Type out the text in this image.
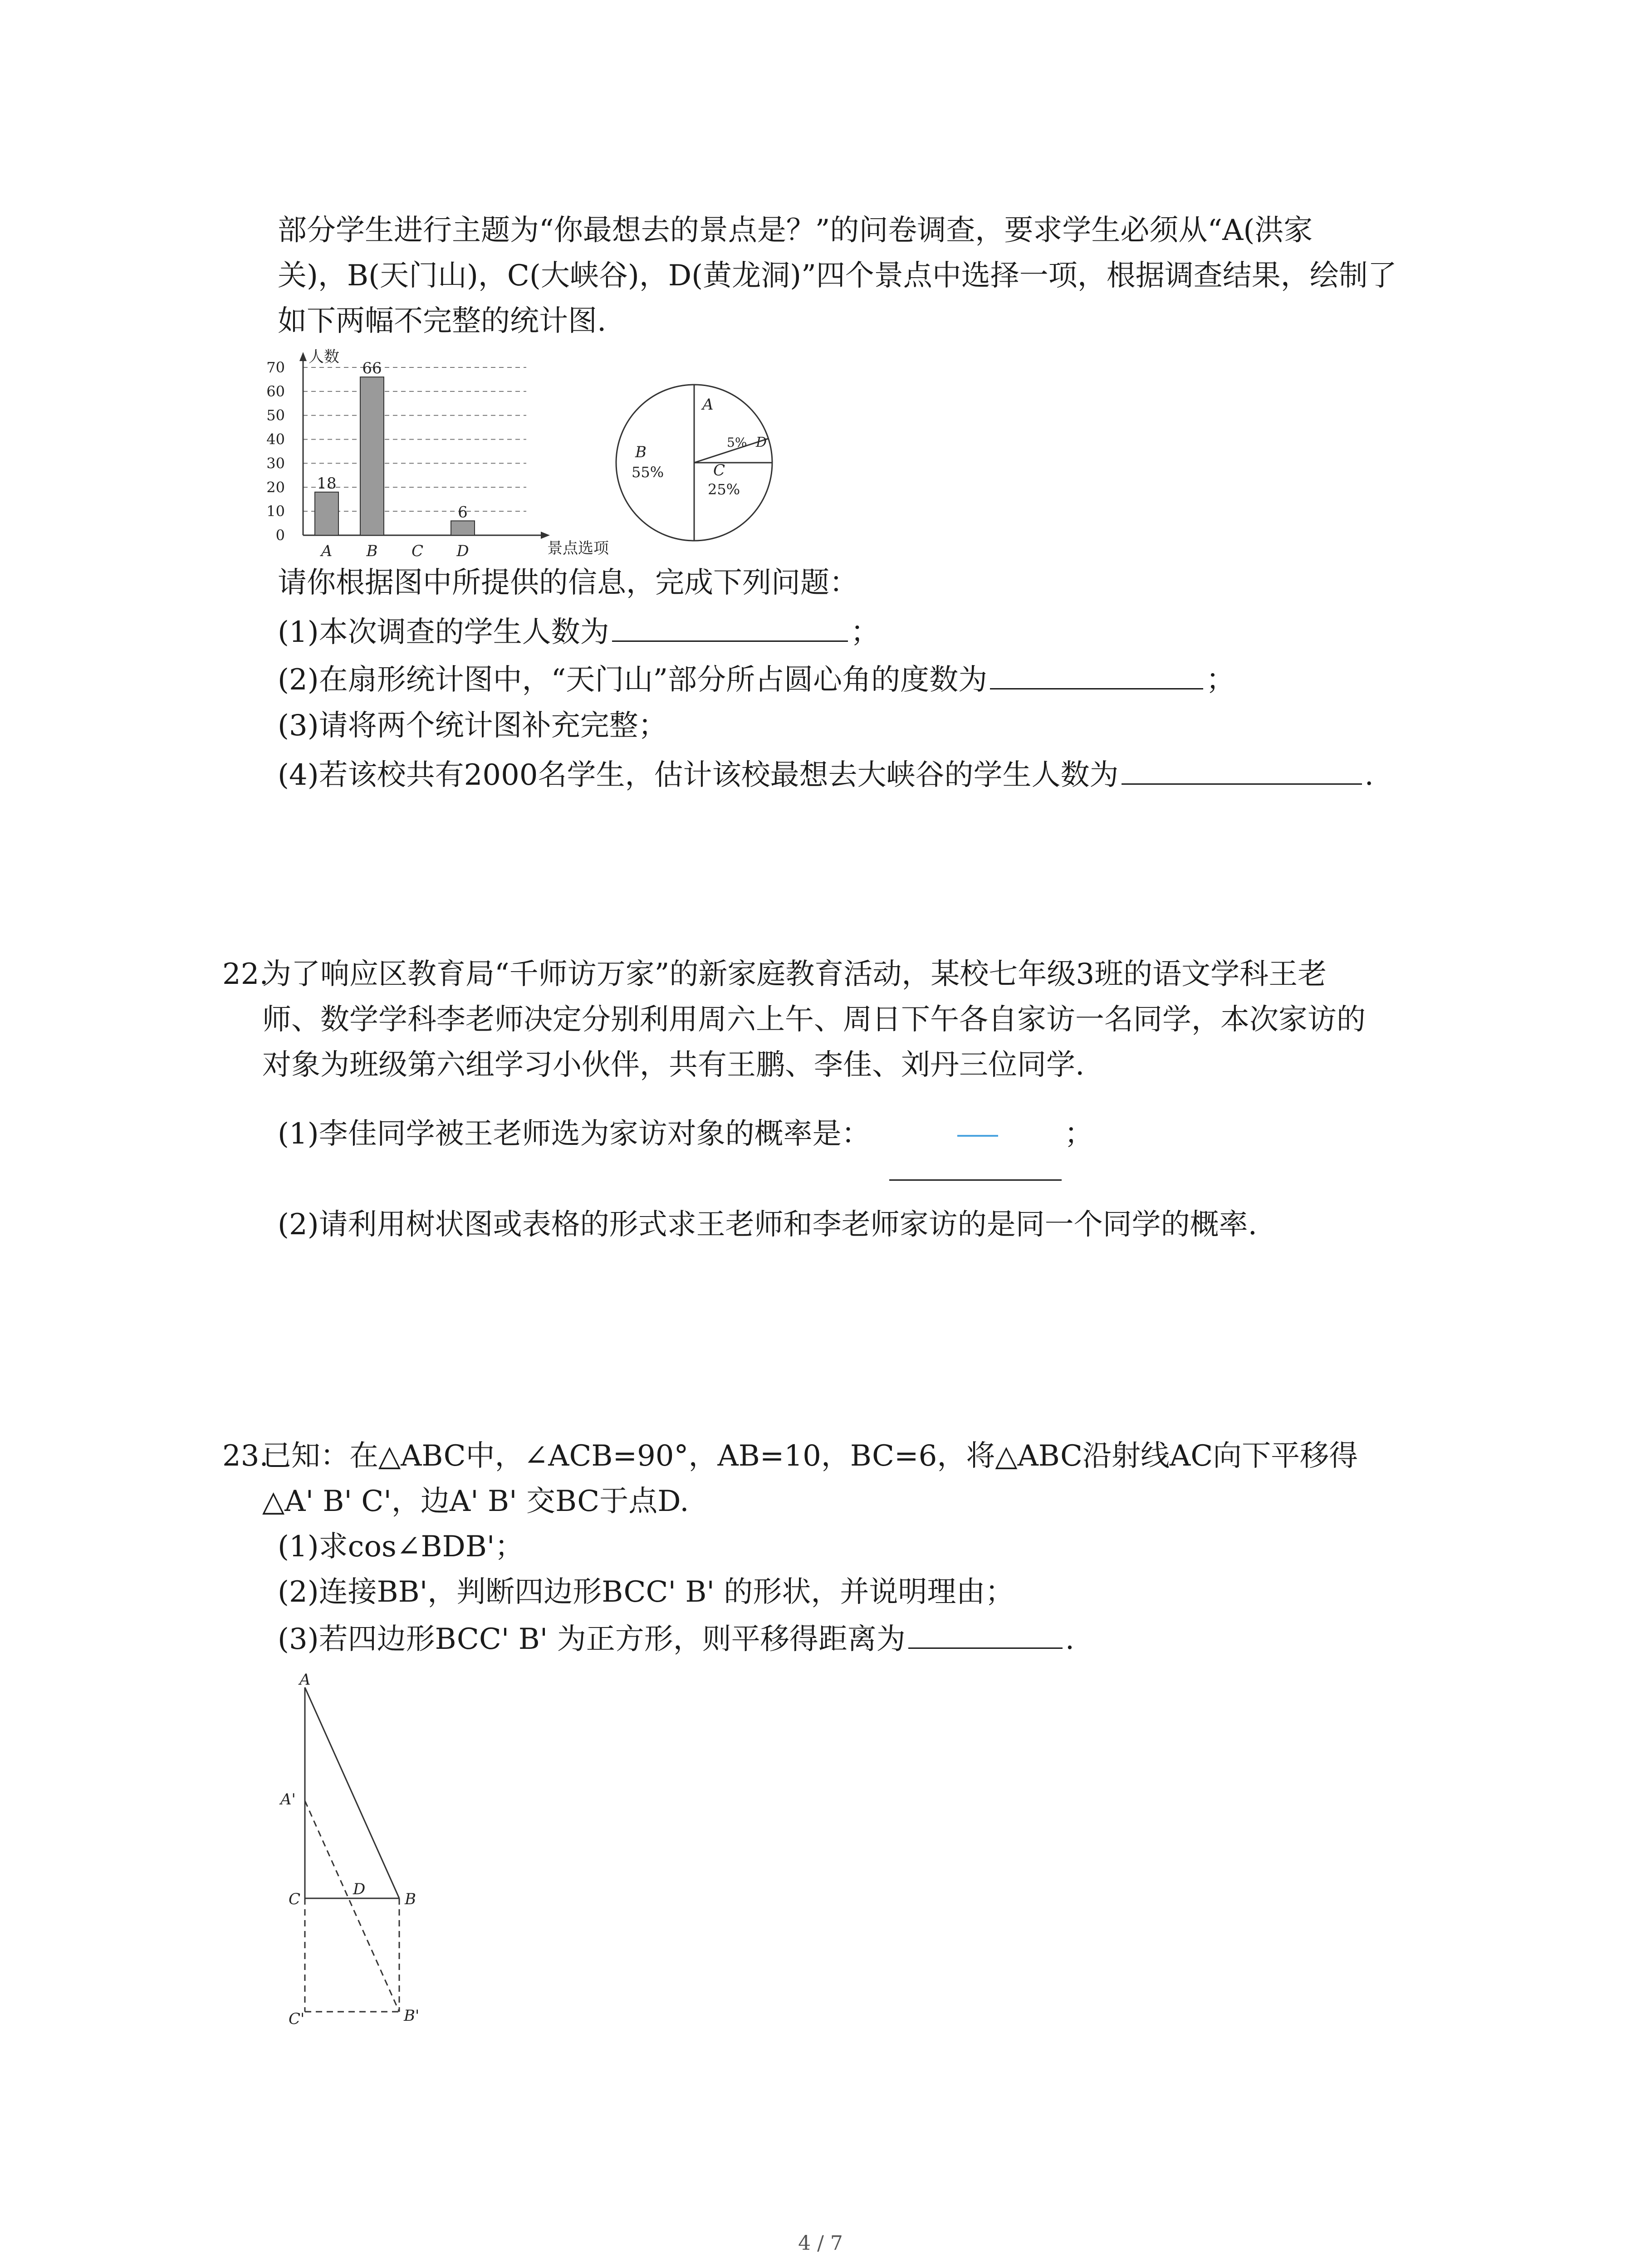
部分学生进行主题为“你最想去的景点是？”的问卷调查，要求学生必须从“A(洪家
关)，B(天门山)，C(大峡谷)，D(黄龙洞)”四个景点中选择一项，根据调查结果，绘制了
如下两幅不完整的统计图.
0
10
20
30
40
50
60
70
18
66
6
A B C D
人数
景点选项
A
B
55%	C
25%
5% D
请你根据图中所提供的信息，完成下列问题：
(1)本次调查的学生人数为	；
(2)在扇形统计图中，“天门山”部分所占圆心角的度数为	；
(3)请将两个统计图补充完整；
(4)若该校共有2000名学生，估计该校最想去大峡谷的学生人数为	.
22.为了响应区教育局“千师访万家”的新家庭教育活动，某校七年级3班的语文学科王老
师、数学学科李老师决定分别利用周六上午、周日下午各自家访一名同学，本次家访的
对象为班级第六组学习小伙伴，共有王鹏、李佳、刘丹三位同学.
(1)李佳同学被王老师选为家访对象的概率是：	；
(2)请利用树状图或表格的形式求王老师和李老师家访的是同一个同学的概率.
23.已知：在△ABC中，∠ACB=90°，AB=10，BC=6，将△ABC沿射线AC向下平移得
△A' B' C'，边A' B' 交BC于点D.
(1)求cos∠BDB'；
(2)连接BB'，判断四边形BCC' B' 的形状，并说明理由；
(3)若四边形BCC' B' 为正方形，则平移得距离为	.
A
A'
C
D
B
C'	B'
4 / 7
